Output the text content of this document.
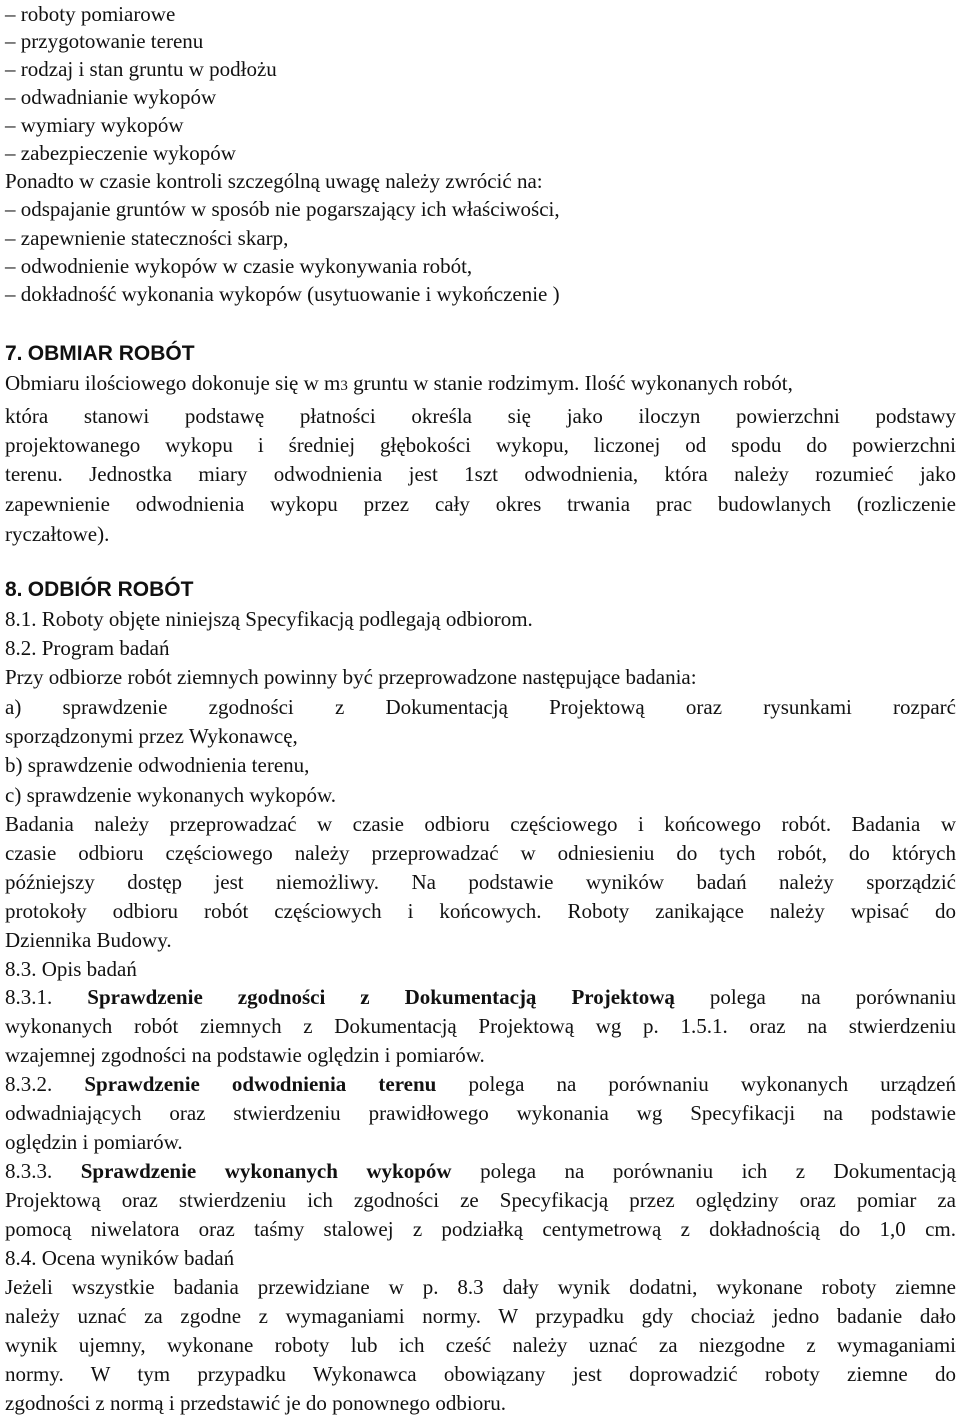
– roboty pomiarowe
– przygotowanie terenu
– rodzaj i stan gruntu w podłożu
– odwadnianie wykopów
– wymiary wykopów
– zabezpieczenie wykopów
Ponadto w czasie kontroli szczególną uwagę należy zwrócić na:
– odspajanie gruntów w sposób nie pogarszający ich właściwości,
– zapewnienie stateczności skarp,
– odwodnienie wykopów w czasie wykonywania robót,
– dokładność wykonania wykopów (usytuowanie i wykończenie )
7. OBMIAR ROBÓT
Obmiaru ilościowego dokonuje się w m3 gruntu w stanie rodzimym. Ilość wykonanych robót,
która stanowi podstawę płatności określa się jako iloczyn powierzchni podstawy
projektowanego wykopu i średniej głębokości wykopu, liczonej od spodu do powierzchni
terenu. Jednostka miary odwodnienia jest 1szt odwodnienia, która należy rozumieć jako
zapewnienie odwodnienia wykopu przez cały okres trwania prac budowlanych (rozliczenie
ryczałtowe).
8. ODBIÓR ROBÓT
8.1. Roboty objęte niniejszą Specyfikacją podlegają odbiorom.
8.2. Program badań
Przy odbiorze robót ziemnych powinny być przeprowadzone następujące badania:
a) sprawdzenie zgodności z Dokumentacją Projektową oraz rysunkami rozparć
sporządzonymi przez Wykonawcę,
b) sprawdzenie odwodnienia terenu,
c) sprawdzenie wykonanych wykopów.
Badania należy przeprowadzać w czasie odbioru częściowego i końcowego robót. Badania w
czasie odbioru częściowego należy przeprowadzać w odniesieniu do tych robót, do których
późniejszy dostęp jest niemożliwy. Na podstawie wyników badań należy sporządzić
protokoły odbioru robót częściowych i końcowych. Roboty zanikające należy wpisać do
Dziennika Budowy.
8.3. Opis badań
8.3.1. Sprawdzenie zgodności z Dokumentacją Projektową polega na porównaniu
wykonanych robót ziemnych z Dokumentacją Projektową wg p. 1.5.1. oraz na stwierdzeniu
wzajemnej zgodności na podstawie oględzin i pomiarów.
8.3.2. Sprawdzenie odwodnienia terenu polega na porównaniu wykonanych urządzeń
odwadniających oraz stwierdzeniu prawidłowego wykonania wg Specyfikacji na podstawie
oględzin i pomiarów.
8.3.3. Sprawdzenie wykonanych wykopów polega na porównaniu ich z Dokumentacją
Projektową oraz stwierdzeniu ich zgodności ze Specyfikacją przez oględziny oraz pomiar za
pomocą niwelatora oraz taśmy stalowej z podziałką centymetrową z dokładnością do 1,0 cm.
8.4. Ocena wyników badań
Jeżeli wszystkie badania przewidziane w p. 8.3 dały wynik dodatni, wykonane roboty ziemne
należy uznać za zgodne z wymaganiami normy. W przypadku gdy chociaż jedno badanie dało
wynik ujemny, wykonane roboty lub ich cześć należy uznać za niezgodne z wymaganiami
normy. W tym przypadku Wykonawca obowiązany jest doprowadzić roboty ziemne do
zgodności z normą i przedstawić je do ponownego odbioru.
